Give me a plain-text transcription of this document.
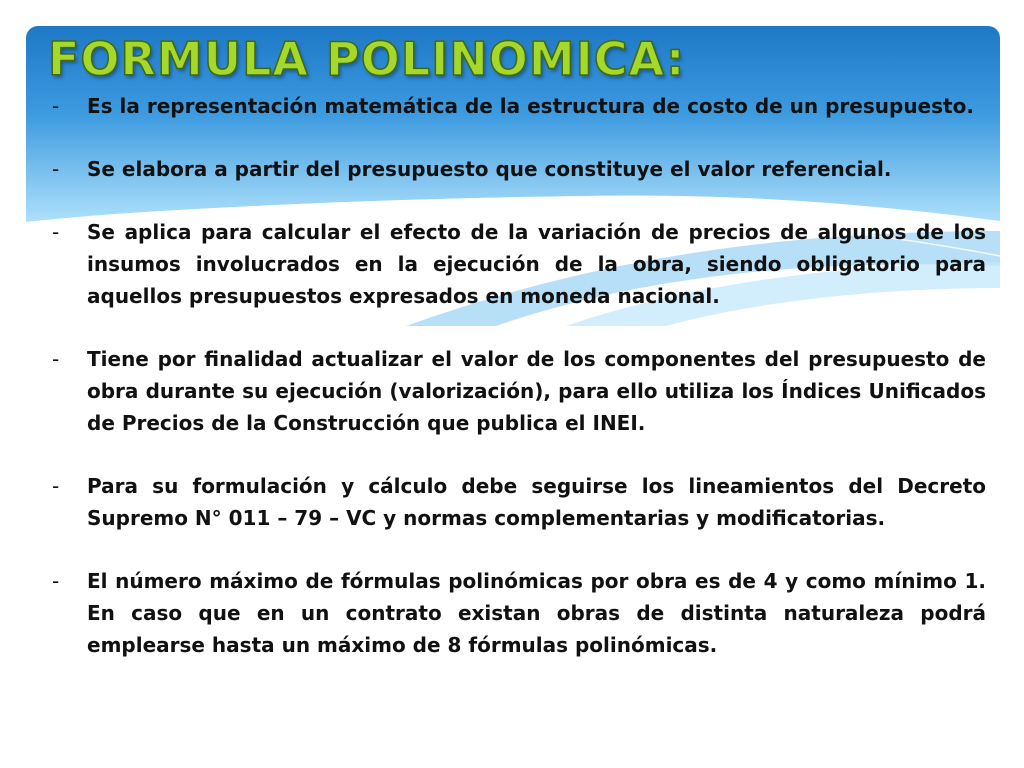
FORMULA POLINOMICA:
-	Es la representación matemática de la estructura de costo de un presupuesto.
-	Se elabora a partir del presupuesto que constituye el valor referencial.
-	Se aplica para calcular el efecto de la variación de precios de algunos de los insumos involucrados en la ejecución de la obra, siendo obligatorio para aquellos presupuestos expresados en moneda nacional.
-	Tiene por finalidad actualizar el valor de los componentes del presupuesto de obra durante su ejecución (valorización), para ello utiliza los Índices Unificados de Precios de la Construcción que publica el INEI.
-	Para su formulación y cálculo debe seguirse los lineamientos del Decreto Supremo N° 011 – 79 – VC y normas complementarias y modificatorias.
-	El número máximo de fórmulas polinómicas por obra es de 4 y como mínimo 1. En caso que en un contrato existan obras de distinta naturaleza podrá emplearse hasta un máximo de 8 fórmulas polinómicas.
